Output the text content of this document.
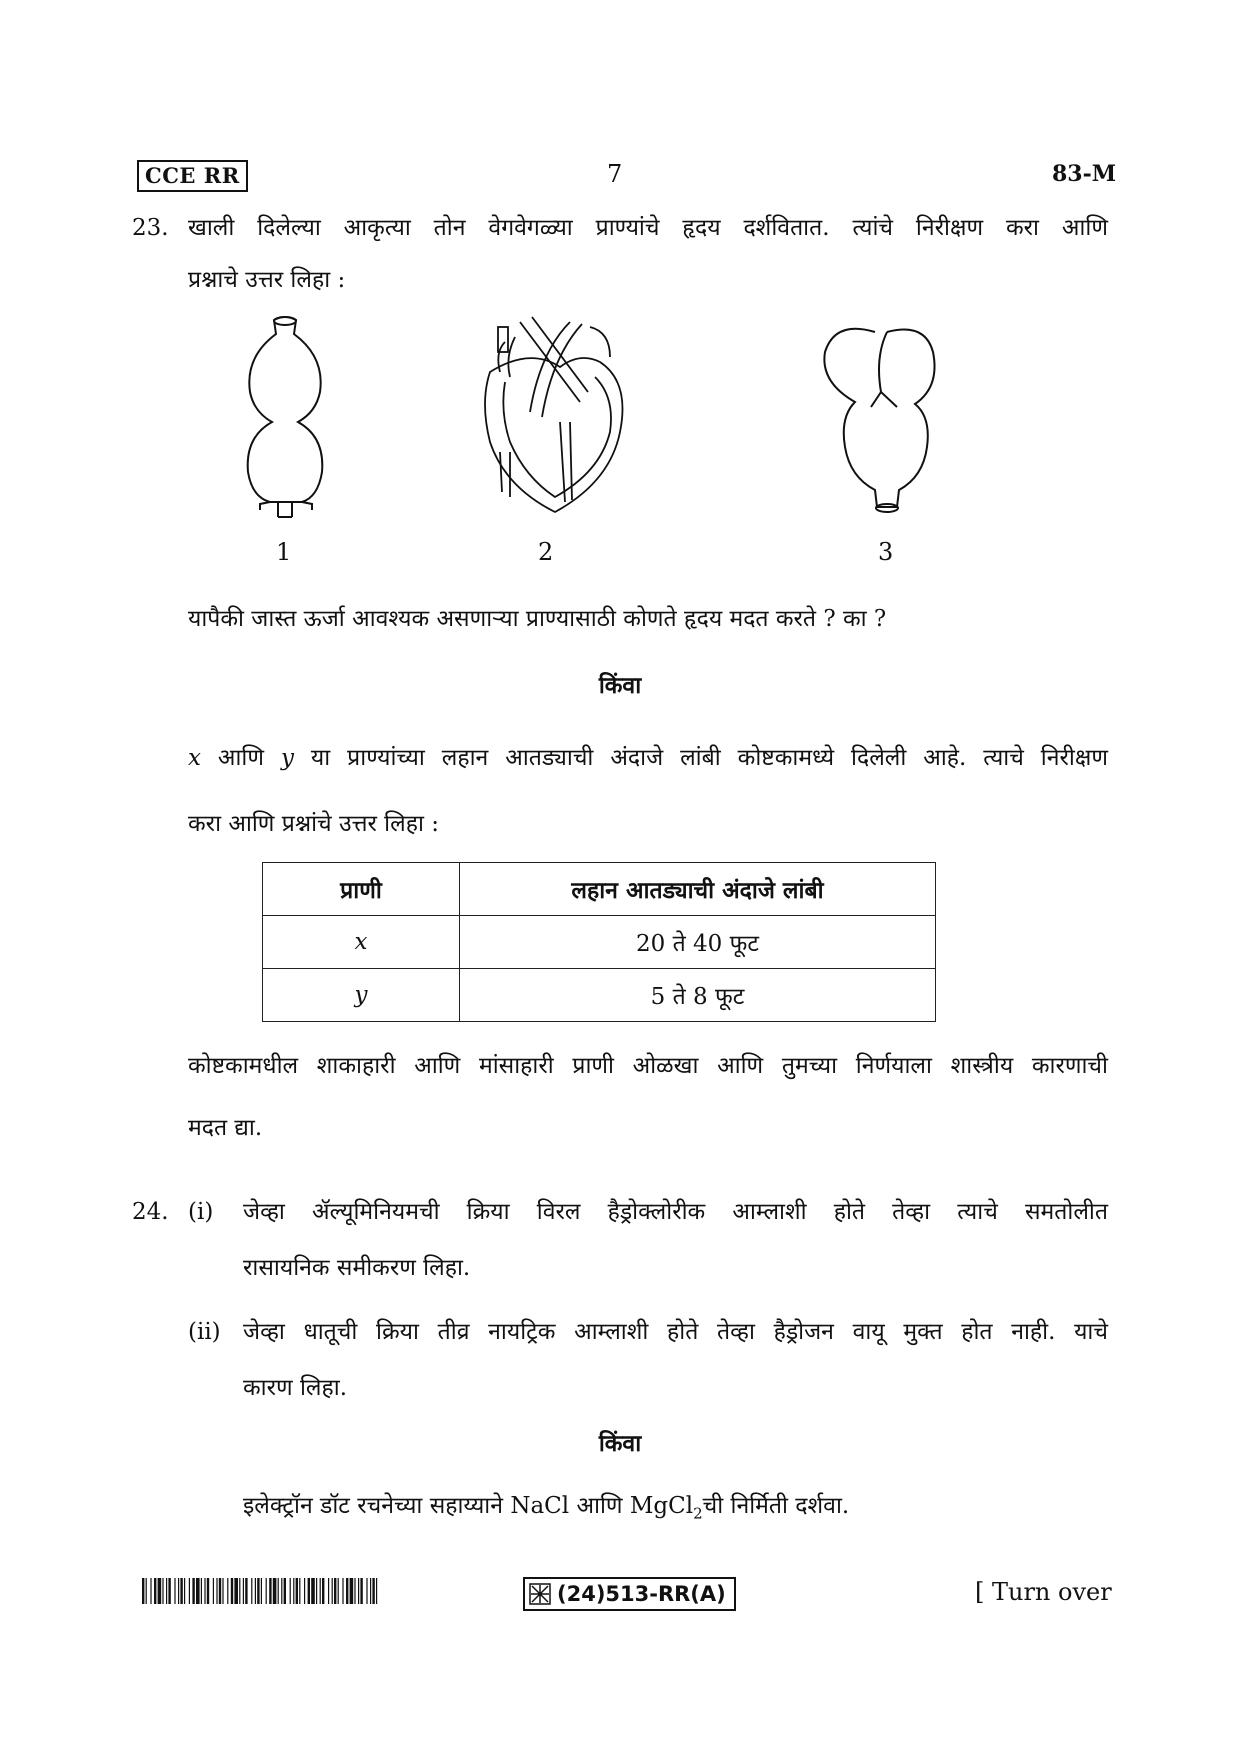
CCE RR	7	83-M
23. खाली दिलेल्या आकृत्या तोन वेगवेगळ्या प्राण्यांचे हृदय दर्शवितात. त्यांचे निरीक्षण करा आणि
प्रश्नाचे उत्तर लिहा :
1	2	3
यापैकी जास्त ऊर्जा आवश्यक असणाऱ्या प्राण्यासाठी कोणते हृदय मदत करते ? का ?
किंवा
x आणि y या प्राण्यांच्या लहान आतड्याची अंदाजे लांबी कोष्टकामध्ये दिलेली आहे. त्याचे निरीक्षण
करा आणि प्रश्नांचे उत्तर लिहा :
प्राणी	लहान आतड्याची अंदाजे लांबी
x	20 ते 40 फूट
y	5 ते 8 फूट
कोष्टकामधील शाकाहारी आणि मांसाहारी प्राणी ओळखा आणि तुमच्या निर्णयाला शास्त्रीय कारणाची
मदत द्या.
24. (i) जेव्हा ॲल्यूमिनियमची क्रिया विरल हैड्रोक्लोरीक आम्लाशी होते तेव्हा त्याचे समतोलीत
रासायनिक समीकरण लिहा.
(ii) जेव्हा धातूची क्रिया तीव्र नायट्रिक आम्लाशी होते तेव्हा हैड्रोजन वायू मुक्त होत नाही. याचे
कारण लिहा.
किंवा
इलेक्ट्रॉन डॉट रचनेच्या सहाय्याने NaCl आणि MgCl$_2$ची निर्मिती दर्शवा.
(24)513-RR(A)	[ Turn over
